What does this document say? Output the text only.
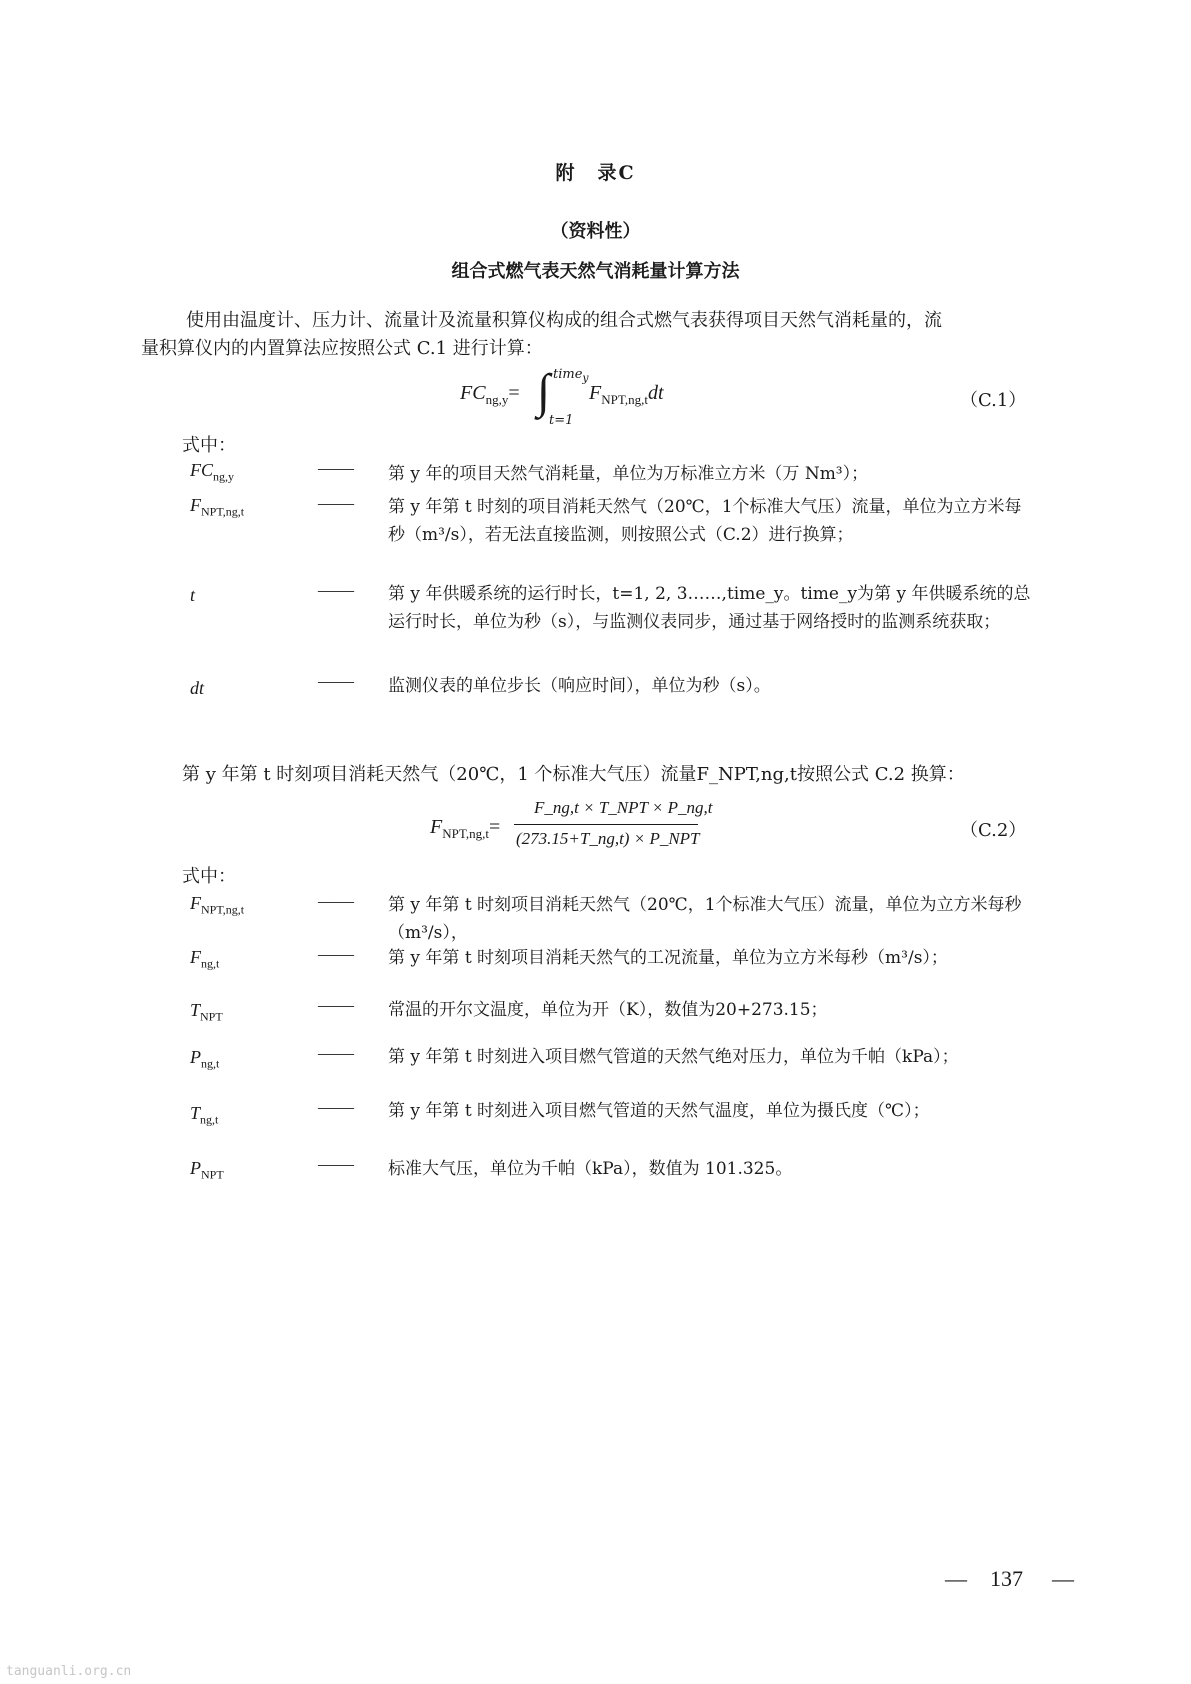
附　录C
（资料性）
组合式燃气表天然气消耗量计算方法
使用由温度计、压力计、流量计及流量积算仪构成的组合式燃气表获得项目天然气消耗量的，流
量积算仪内的内置算法应按照公式 C.1 进行计算：
$FC_{ng,y}=$ ∫ time$_y$
t=1
$F_{NPT,ng,t}dt$	（C.1）
式中：
$FC_{ng,y}$	—— 第 y 年的项目天然气消耗量，单位为万标准立方米（万 Nm³）；
$F_{NPT,ng,t}$	—— 第 y 年第 t 时刻的项目消耗天然气（20℃，1个标准大气压）流量，单位为立方米每秒（m³/s），若无法直接监测，则按照公式（C.2）进行换算；
t	—— 第 y 年供暖系统的运行时长，t=1, 2, 3……,time_y。time_y为第 y 年供暖系统的总运行时长，单位为秒（s），与监测仪表同步，通过基于网络授时的监测系统获取；
dt	—— 监测仪表的单位步长（响应时间），单位为秒（s）。
第 y 年第 t 时刻项目消耗天然气（20℃，1 个标准大气压）流量F_NPT,ng,t按照公式 C.2 换算：
$F_{NPT,ng,t}=$
F_ng,t × T_NPT × P_ng,t
(273.15+T_ng,t) × P_NPT	（C.2）
式中：
$F_{NPT,ng,t}$	—— 第 y 年第 t 时刻项目消耗天然气（20℃，1个标准大气压）流量，单位为立方米每秒（m³/s），
$F_{ng,t}$	—— 第 y 年第 t 时刻项目消耗天然气的工况流量，单位为立方米每秒（m³/s）；
$T_{NPT}$
—— 常温的开尔文温度，单位为开（K），数值为20+273.15；
$P_{ng,t}$
—— 第 y 年第 t 时刻进入项目燃气管道的天然气绝对压力，单位为千帕（kPa）；
$T_{ng,t}$
—— 第 y 年第 t 时刻进入项目燃气管道的天然气温度，单位为摄氏度（℃）；
$P_{NPT}$
—— 标准大气压，单位为千帕（kPa），数值为 101.325。
— 137 —
tanguanli.org.cn
